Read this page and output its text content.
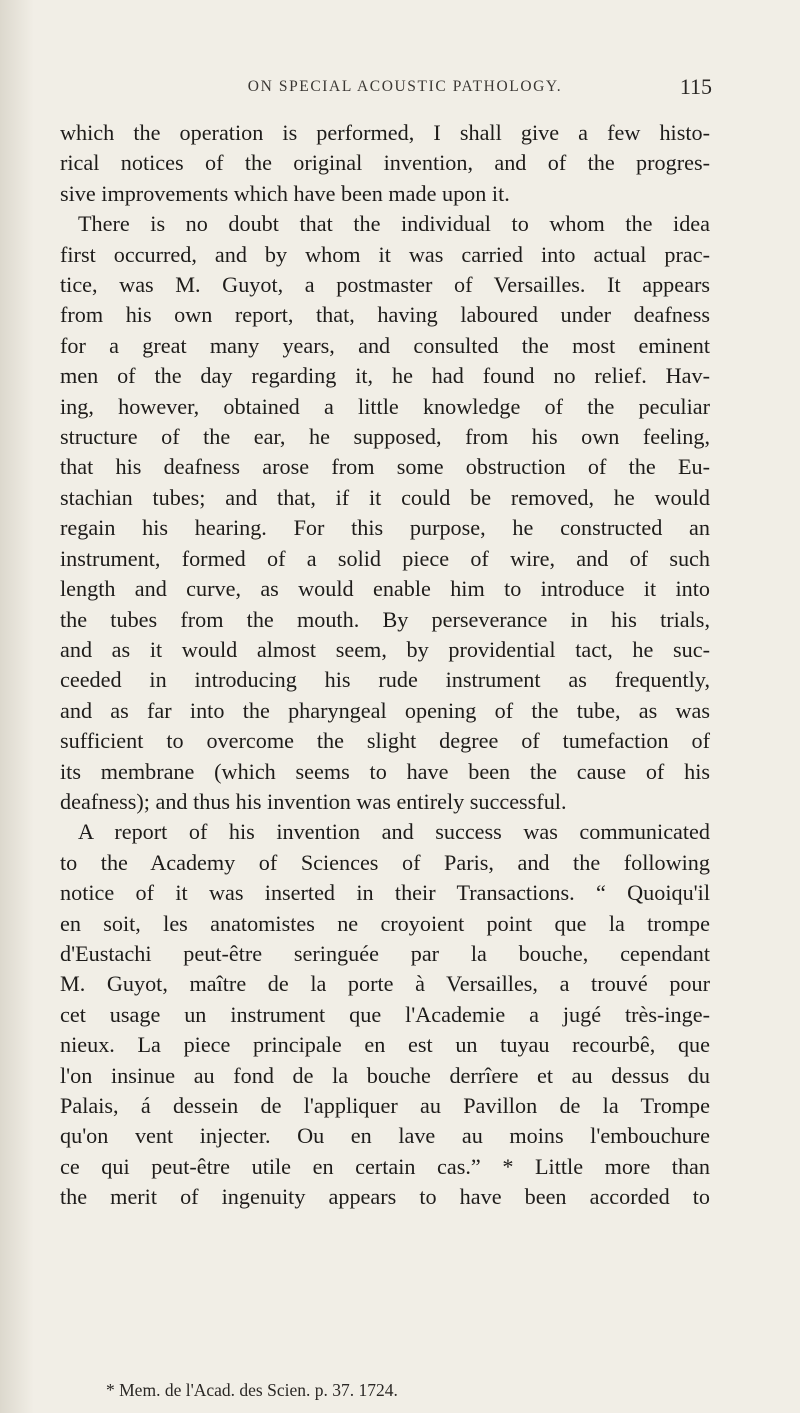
ON SPECIAL ACOUSTIC PATHOLOGY.	115
which the operation is performed, I shall give a few histo-
rical notices of the original invention, and of the progres-
sive improvements which have been made upon it.
There is no doubt that the individual to whom the idea
first occurred, and by whom it was carried into actual prac-
tice, was M. Guyot, a postmaster of Versailles. It appears
from his own report, that, having laboured under deafness
for a great many years, and consulted the most eminent
men of the day regarding it, he had found no relief. Hav-
ing, however, obtained a little knowledge of the peculiar
structure of the ear, he supposed, from his own feeling,
that his deafness arose from some obstruction of the Eu-
stachian tubes; and that, if it could be removed, he would
regain his hearing. For this purpose, he constructed an
instrument, formed of a solid piece of wire, and of such
length and curve, as would enable him to introduce it into
the tubes from the mouth. By perseverance in his trials,
and as it would almost seem, by providential tact, he suc-
ceeded in introducing his rude instrument as frequently,
and as far into the pharyngeal opening of the tube, as was
sufficient to overcome the slight degree of tumefaction of
its membrane (which seems to have been the cause of his
deafness); and thus his invention was entirely successful.
A report of his invention and success was communicated
to the Academy of Sciences of Paris, and the following
notice of it was inserted in their Transactions. “ Quoiqu'il
en soit, les anatomistes ne croyoient point que la trompe
d'Eustachi peut-être seringuée par la bouche, cependant
M. Guyot, maître de la porte à Versailles, a trouvé pour
cet usage un instrument que l'Academie a jugé très-inge-
nieux. La piece principale en est un tuyau recourbê, que
l'on insinue au fond de la bouche derrîere et au dessus du
Palais, á dessein de l'appliquer au Pavillon de la Trompe
qu'on vent injecter. Ou en lave au moins l'embouchure
ce qui peut-être utile en certain cas.” * Little more than
the merit of ingenuity appears to have been accorded to
* Mem. de l'Acad. des Scien. p. 37. 1724.
